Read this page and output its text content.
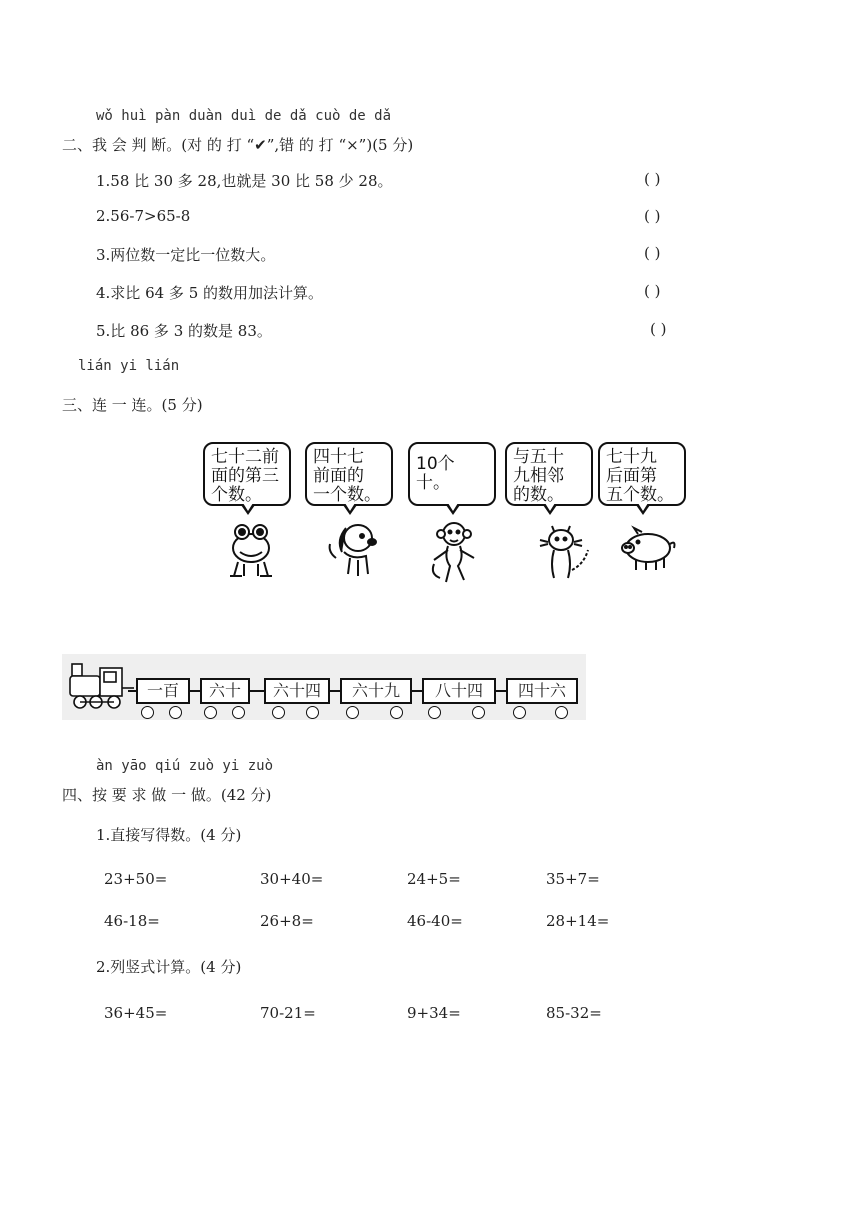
wǒ huì pàn duàn duì de dǎ cuò de dǎ
二、我 会 判 断。(对 的 打 “✔”,错 的 打 “×”)(5 分)
1.58 比 30 多 28,也就是 30 比 58 少 28。	( )
2.56-7>65-8	( )
3.两位数一定比一位数大。	( )
4.求比 64 多 5 的数用加法计算。	( )
5.比 86 多 3 的数是 83。	( )
lián yi lián
三、连 一 连。(5 分)
七十二前
面的第三
个数。
四十七
前面的
一个数。
10个十。
与五十
九相邻
的数。
七十九
后面第
五个数。
一百	六十	六十四	六十九	八十四	四十六
àn yāo qiú zuò yi zuò
四、按 要 求 做 一 做。(42 分)
1.直接写得数。(4 分)
23+50=	30+40=	24+5=	35+7=
46-18=	26+8=	46-40=	28+14=
2.列竖式计算。(4 分)
36+45=	70-21=	9+34=	85-32=
